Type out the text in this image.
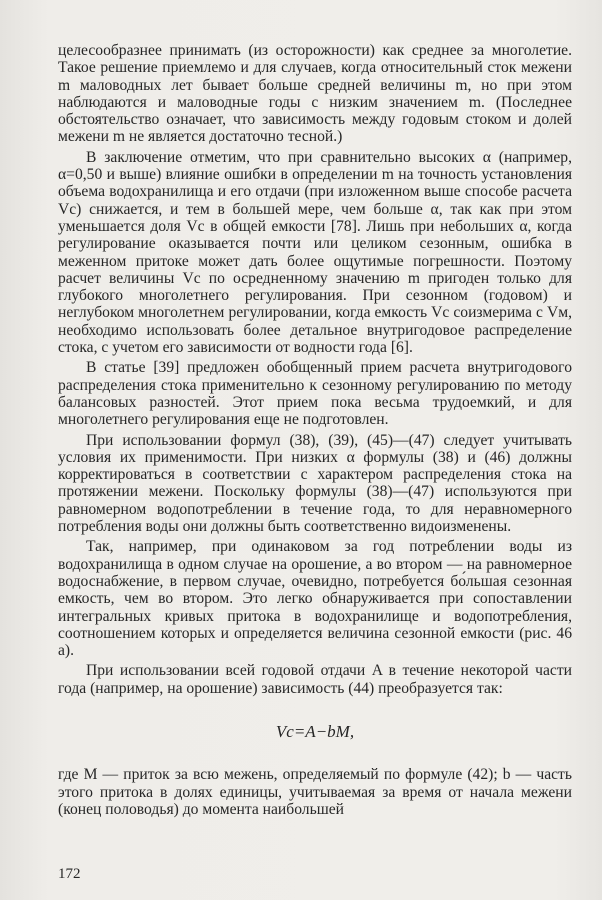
целесообразнее принимать (из осторожности) как среднее за многолетие. Такое решение приемлемо и для случаев, когда относительный сток межени m маловодных лет бывает больше средней величины m, но при этом наблюдаются и маловодные годы с низким значением m. (Последнее обстоятельство означает, что зависимость между годовым стоком и долей межени m не является достаточно тесной.)

В заключение отметим, что при сравнительно высоких α (например, α=0,50 и выше) влияние ошибки в определении m на точность установления объема водохранилища и его отдачи (при изложенном выше способе расчета Vс) снижается, и тем в большей мере, чем больше α, так как при этом уменьшается доля Vс в общей емкости [78]. Лишь при небольших α, когда регулирование оказывается почти или целиком сезонным, ошибка в меженном притоке может дать более ощутимые погрешности. Поэтому расчет величины Vс по осредненному значению m пригоден только для глубокого многолетнего регулирования. При сезонном (годовом) и неглубоком многолетнем регулировании, когда емкость Vс соизмерима с Vм, необходимо использовать более детальное внутригодовое распределение стока, с учетом его зависимости от водности года [6].

В статье [39] предложен обобщенный прием расчета внутригодового распределения стока применительно к сезонному регулированию по методу балансовых разностей. Этот прием пока весьма трудоемкий, и для многолетнего регулирования еще не подготовлен.

При использовании формул (38), (39), (45)—(47) следует учитывать условия их применимости. При низких α формулы (38) и (46) должны корректироваться в соответствии с характером распределения стока на протяжении межени. Поскольку формулы (38)—(47) используются при равномерном водопотреблении в течение года, то для неравномерного потребления воды они должны быть соответственно видоизменены.

Так, например, при одинаковом за год потреблении воды из водохранилища в одном случае на орошение, а во втором — на равномерное водоснабжение, в первом случае, очевидно, потребуется бо́льшая сезонная емкость, чем во втором. Это легко обнаруживается при сопоставлении интегральных кривых притока в водохранилище и водопотребления, соотношением которых и определяется величина сезонной емкости (рис. 46 а).

При использовании всей годовой отдачи A в течение некоторой части года (например, на орошение) зависимость (44) преобразуется так:

Vс=A−bM,

где M — приток за всю межень, определяемый по формуле (42); b — часть этого притока в долях единицы, учитываемая за время от начала межени (конец половодья) до момента наибольшей

172
